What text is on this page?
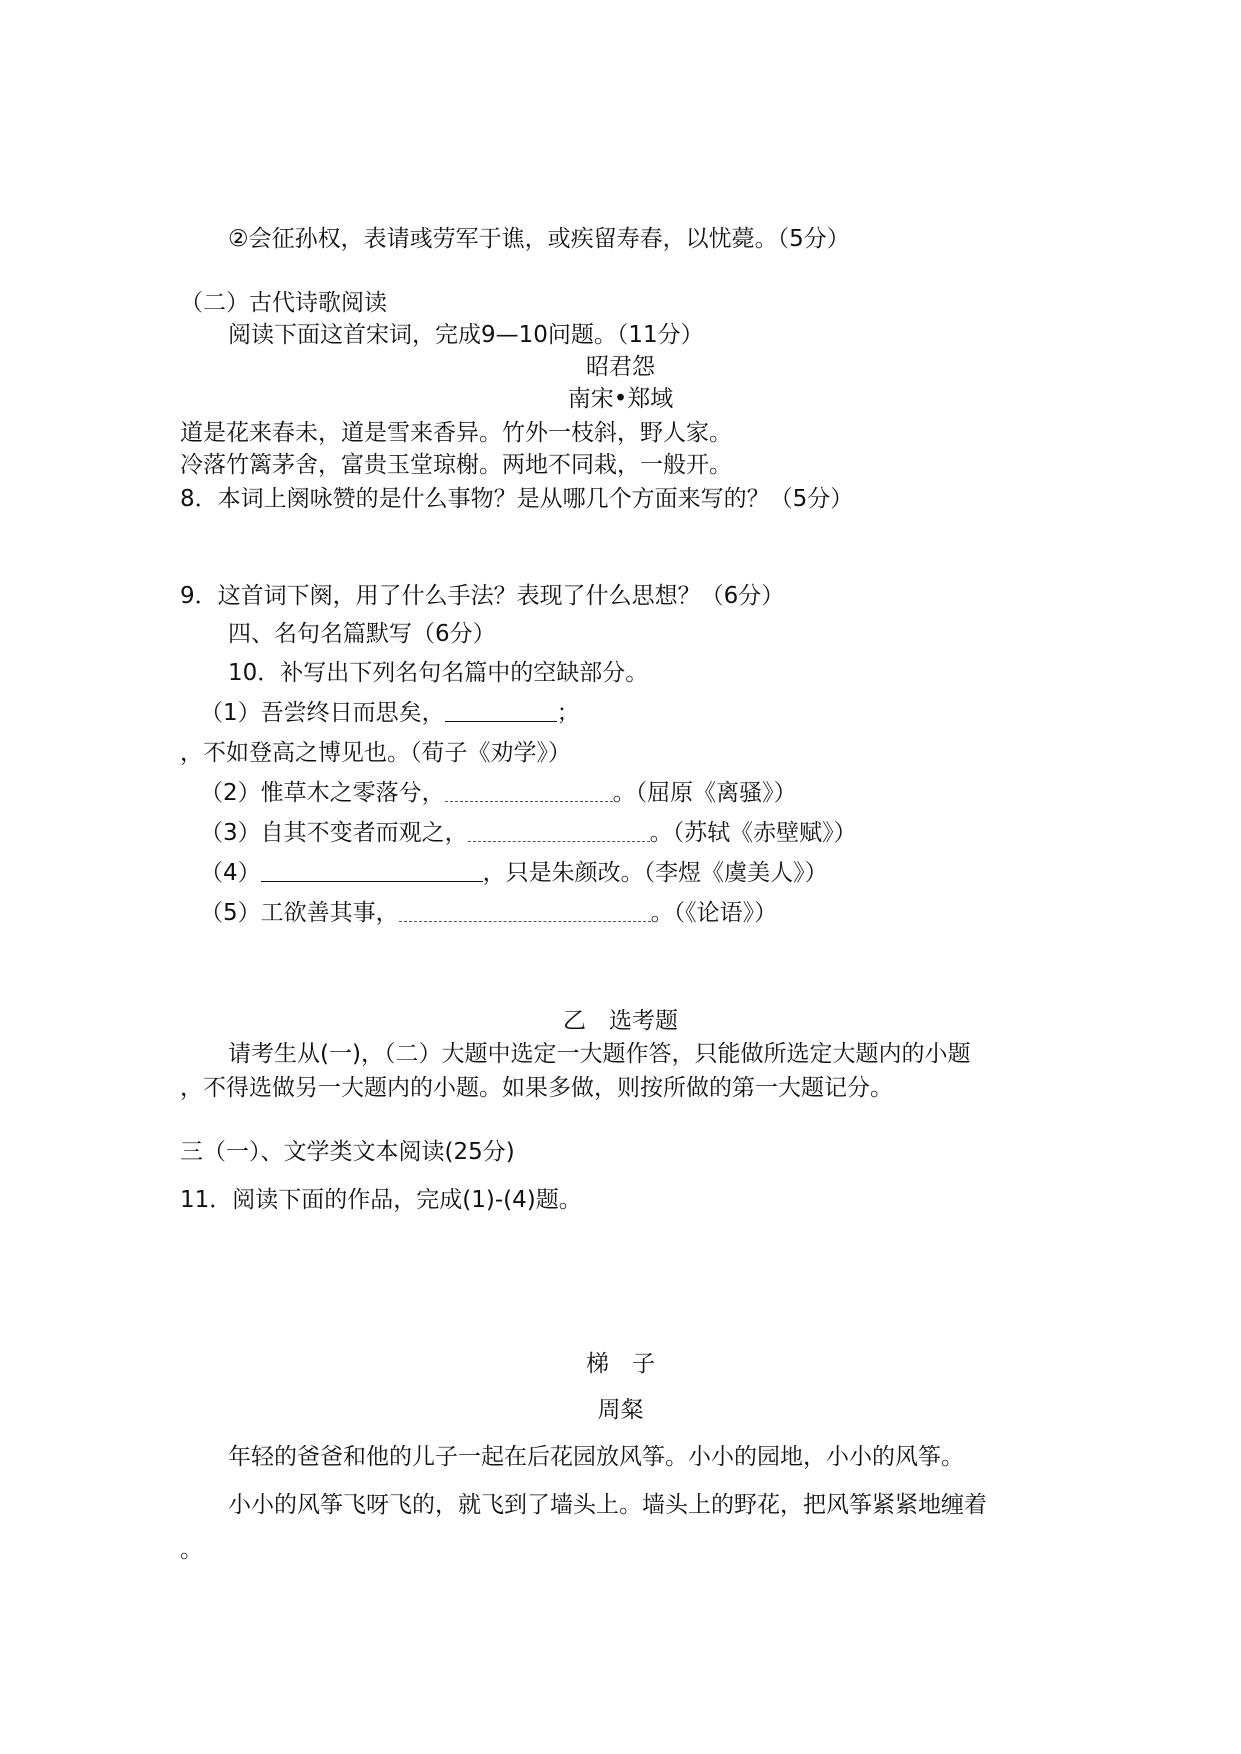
②会征孙权，表请彧劳军于谯，或疾留寿春，以忧薨。（5分）
（二）古代诗歌阅读
阅读下面这首宋词，完成9—10问题。（11分）
昭君怨
南宋•郑域
道是花来春未，道是雪来香异。竹外一枝斜，野人家。
冷落竹篱茅舍，富贵玉堂琼榭。两地不同栽，一般开。
8．本词上阕咏赞的是什么事物？是从哪几个方面来写的？（5分）
9．这首词下阕，用了什么手法？表现了什么思想？（6分）
四、名句名篇默写（6分）
10．补写出下列名句名篇中的空缺部分。
（1）吾尝终日而思矣，	；
，不如登高之博见也。（荀子《劝学》）
（2）惟草木之零落兮，	。（屈原《离骚》）
（3）自其不变者而观之，	。（苏轼《赤壁赋》）
（4）	，只是朱颜改。（李煜《虞美人》）
（5）工欲善其事，	。（《论语》）
乙　选考题
请考生从(一)，（二）大题中选定一大题作答，只能做所选定大题内的小题
，不得选做另一大题内的小题。如果多做，则按所做的第一大题记分。
三（一）、文学类文本阅读(25分)
11．阅读下面的作品，完成(1)-(4)题。
梯　子
周粲
年轻的爸爸和他的儿子一起在后花园放风筝。小小的园地，小小的风筝。
小小的风筝飞呀飞的，就飞到了墙头上。墙头上的野花，把风筝紧紧地缠着
。
